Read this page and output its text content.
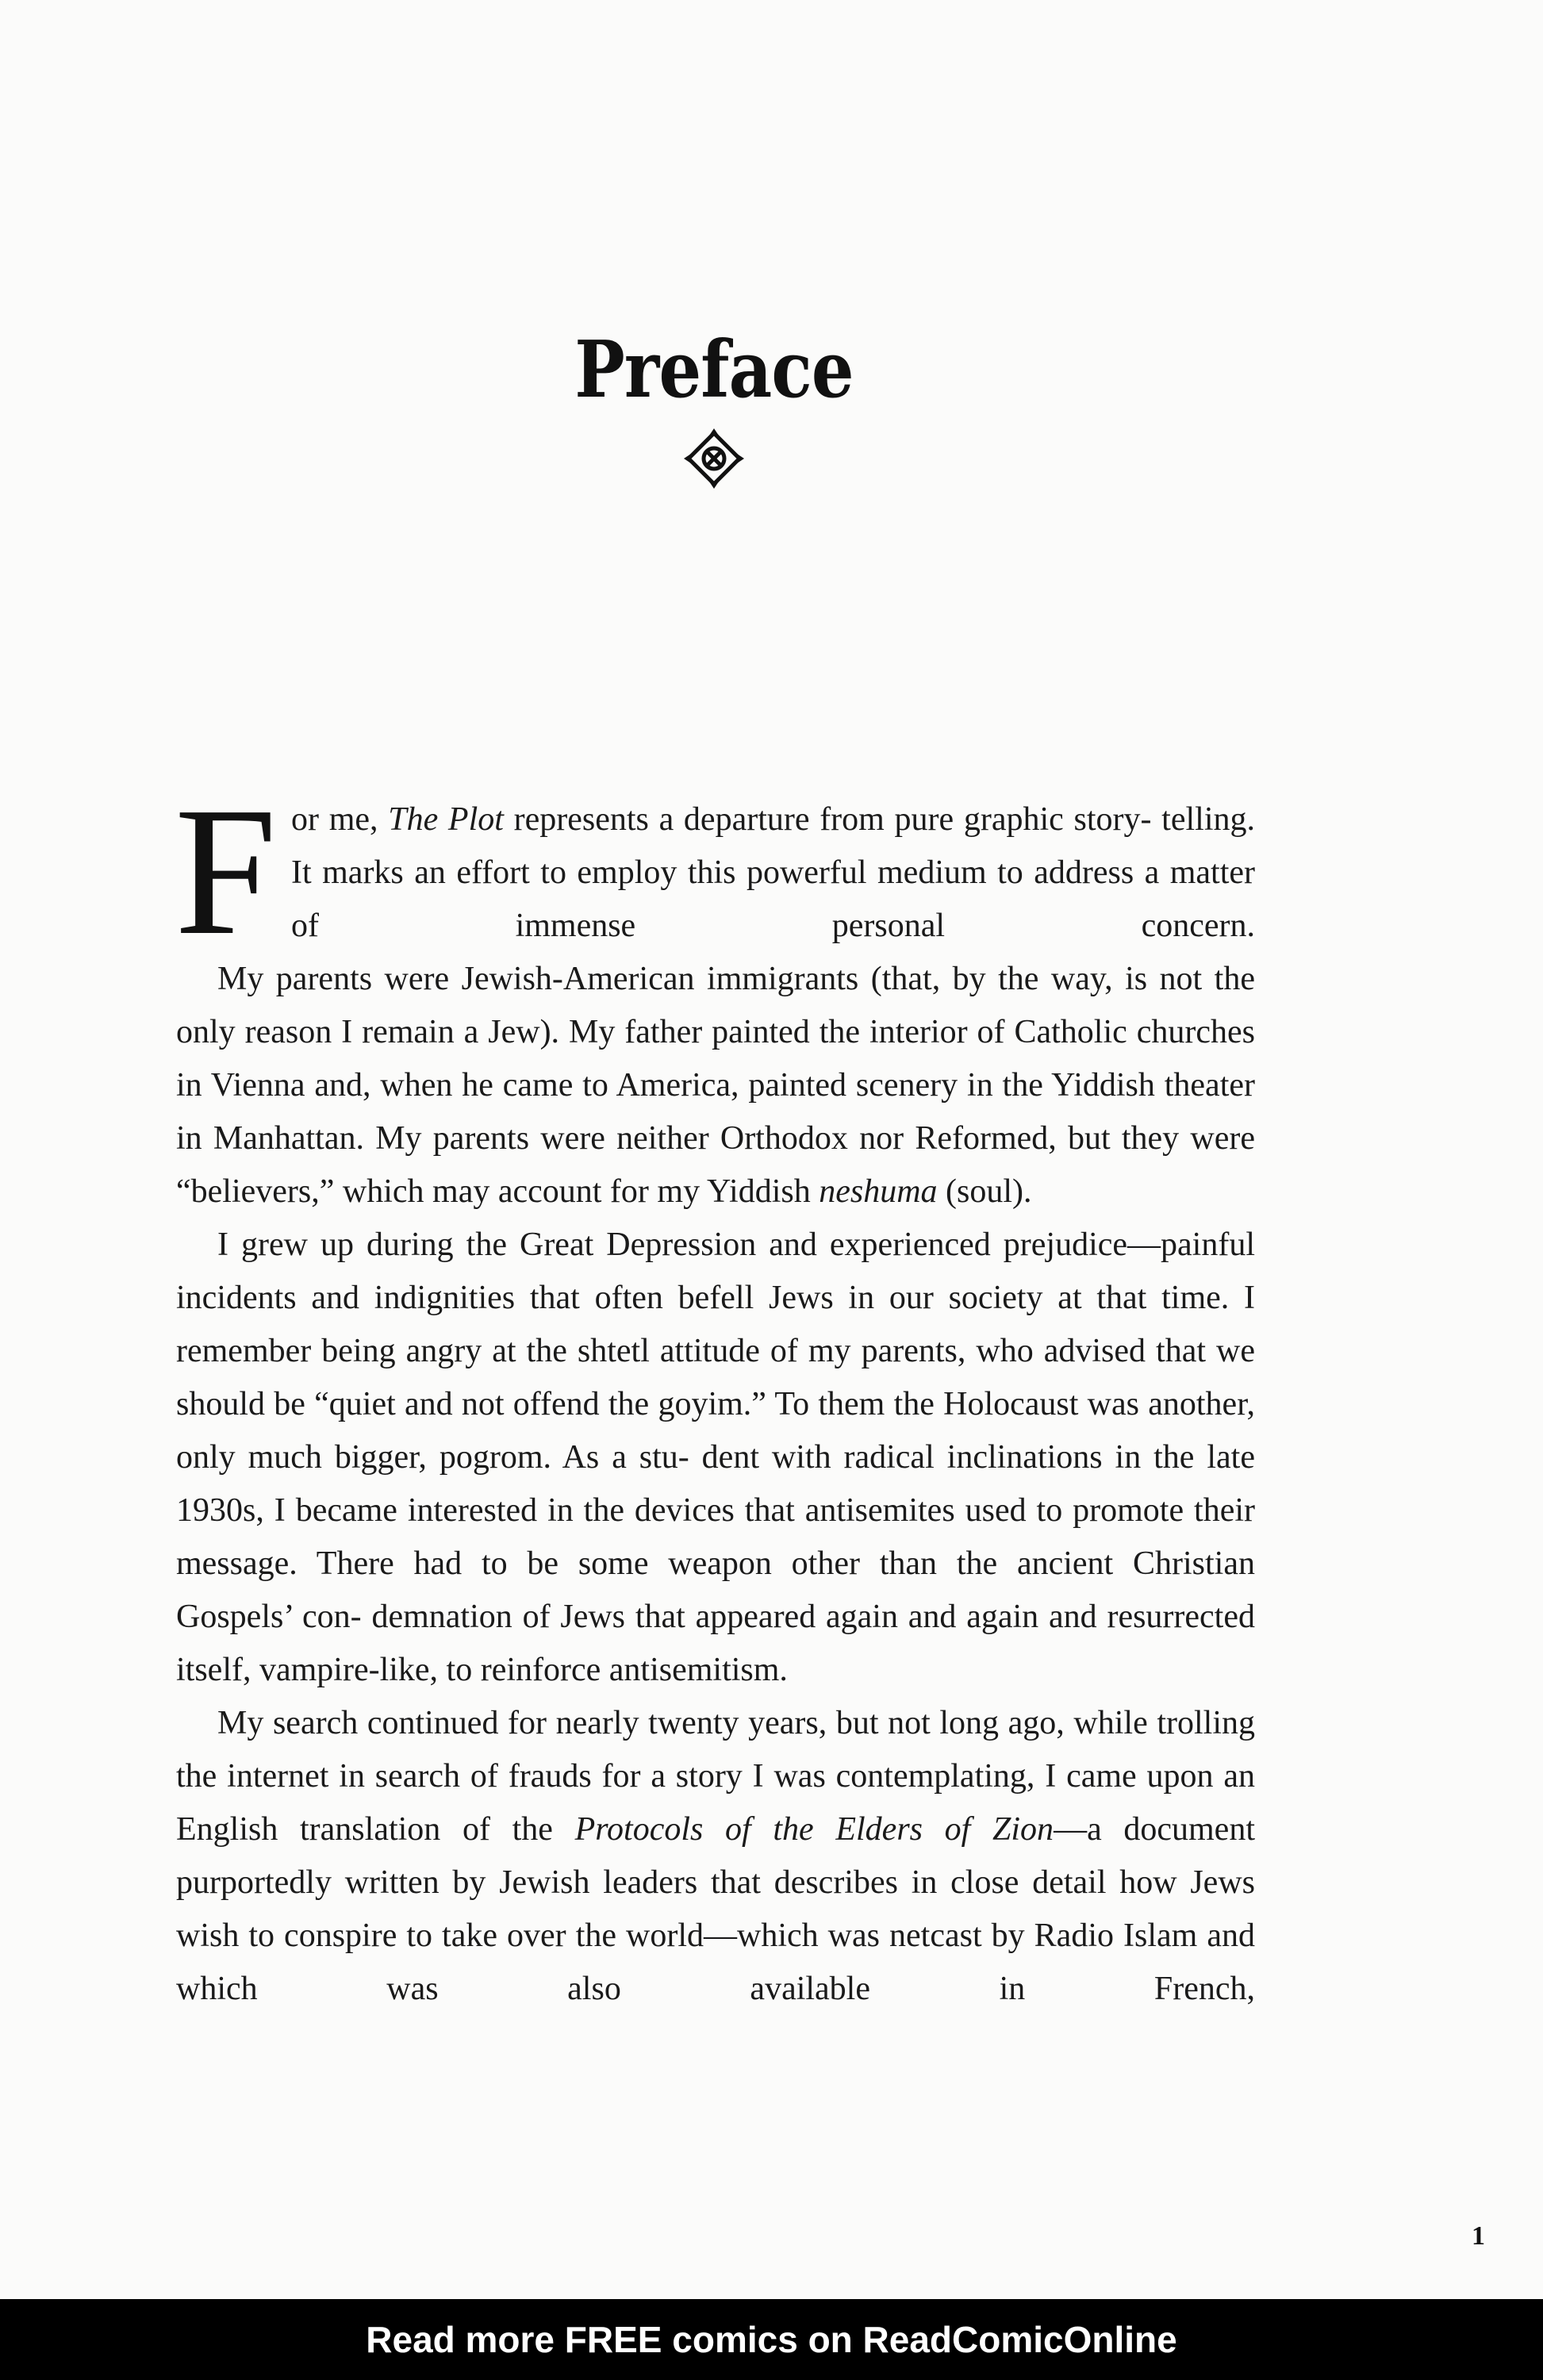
Preface

For me, The Plot represents a departure from pure graphic story- telling. It marks an effort to employ this powerful medium to address a matter of immense personal concern.

My parents were Jewish-American immigrants (that, by the way, is not the only reason I remain a Jew). My father painted the interior of Catholic churches in Vienna and, when he came to America, painted scenery in the Yiddish theater in Manhattan. My parents were neither Orthodox nor Reformed, but they were “believers,” which may account for my Yiddish neshuma (soul).

I grew up during the Great Depression and experienced prejudice—painful incidents and indignities that often befell Jews in our society at that time. I remember being angry at the shtetl attitude of my parents, who advised that we should be “quiet and not offend the goyim.” To them the Holocaust was another, only much bigger, pogrom. As a stu- dent with radical inclinations in the late 1930s, I became interested in the devices that antisemites used to promote their message. There had to be some weapon other than the ancient Christian Gospels’ con- demnation of Jews that appeared again and again and resurrected itself, vampire-like, to reinforce antisemitism.

My search continued for nearly twenty years, but not long ago, while trolling the internet in search of frauds for a story I was contemplating, I came upon an English translation of the Protocols of the Elders of Zion—a document purportedly written by Jewish leaders that describes in close detail how Jews wish to conspire to take over the world—which was netcast by Radio Islam and which was also available in French,

1
Read more FREE comics on ReadComicOnline
